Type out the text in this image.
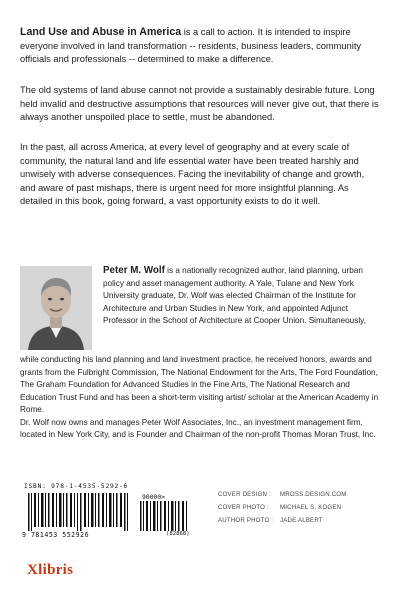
Land Use and Abuse in America is a call to action. It is intended to inspire everyone involved in land transformation -- residents, business leaders, community officials and professionals -- determined to make a difference.
The old systems of land abuse cannot not provide a sustainably desirable future. Long held invalid and destructive assumptions that resources will never give out, that there is always another unspoiled place to settle, must be abandoned.
In the past, all across America, at every level of geography and at every scale of community, the natural land and life essential water have been treated harshly and unwisely with adverse consequences. Facing the inevitability of change and growth, and aware of past mishaps, there is urgent need for more insightful planning. As detailed in this book, going forward, a vast opportunity exists to do it well.
Peter M. Wolf is a nationally recognized author, land planning, urban policy and asset management authority. A Yale, Tulane and New York University graduate, Dr. Wolf was elected Chairman of the Institute for Architecture and Urban Studies in New York, and appointed Adjunct Professor in the School of Architecture at Cooper Union. Simultaneously,
while conducting his land planning and land investment practice, he received honors, awards and grants from the Fulbright Commission, The National Endowment for the Arts, The Ford Foundation, The Graham Foundation for Advanced Studies in the Fine Arts, The National Research and Education Trust Fund and has been a short-term visiting artist/ scholar at the American Academy in Rome.
Dr. Wolf now owns and manages Peter Wolf Associates, Inc., an investment management firm, located in New York City, and is Founder and Chairman of the non-profit Thomas Moran Trust, Inc.
ISBN: 978-1-4535-5292-6
90000>
9 781453 552926	(82868)
COVER DESIGN : MROSS.DESIGN.COM
COVER PHOTO : MICHAEL S. KOGEN
AUTHOR PHOTO : JADE ALBERT
Xlibris
